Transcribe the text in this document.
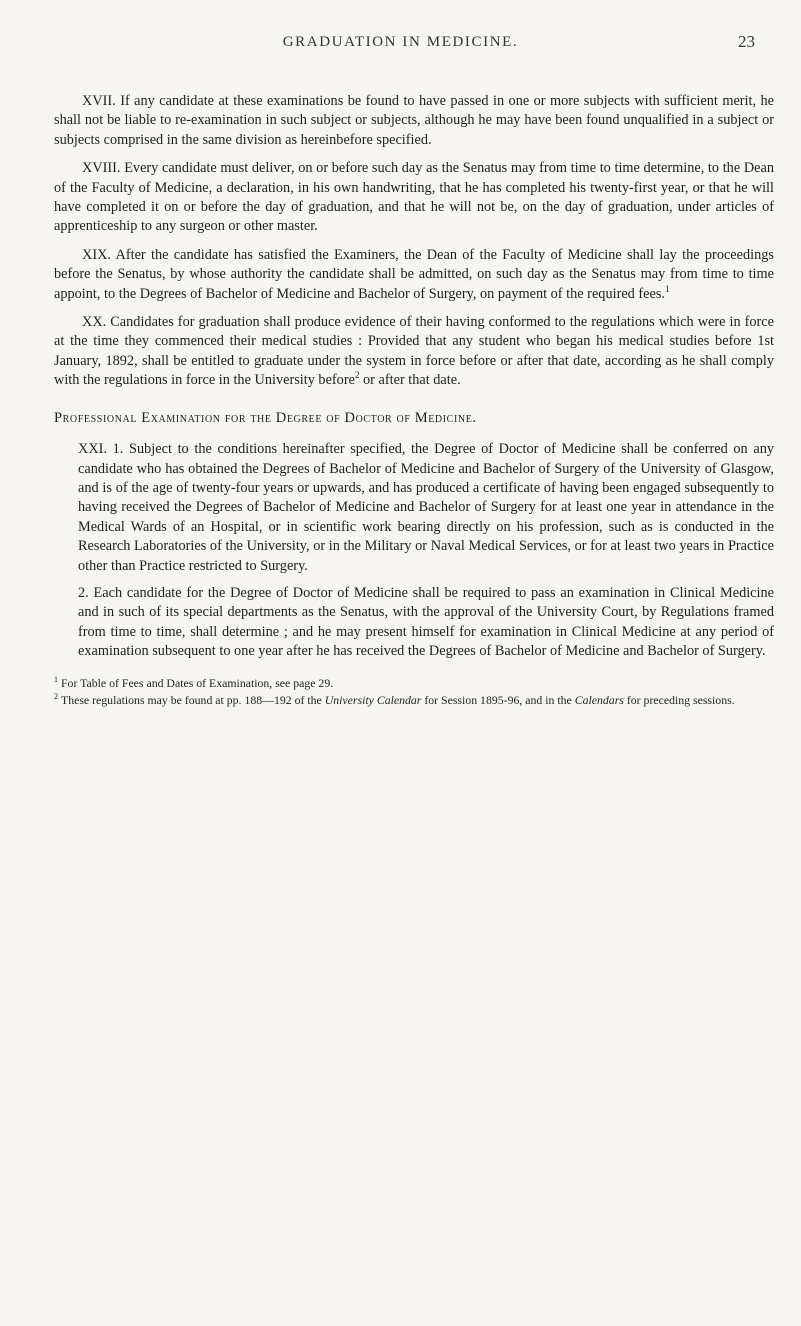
GRADUATION IN MEDICINE.	23

XVII. If any candidate at these examinations be found to have passed in one or more subjects with sufficient merit, he shall not be liable to re-examination in such subject or subjects, although he may have been found unqualified in a subject or subjects comprised in the same division as hereinbefore specified.

XVIII. Every candidate must deliver, on or before such day as the Senatus may from time to time determine, to the Dean of the Faculty of Medicine, a declaration, in his own handwriting, that he has completed his twenty-first year, or that he will have completed it on or before the day of graduation, and that he will not be, on the day of graduation, under articles of apprenticeship to any surgeon or other master.

XIX. After the candidate has satisfied the Examiners, the Dean of the Faculty of Medicine shall lay the proceedings before the Senatus, by whose authority the candidate shall be admitted, on such day as the Senatus may from time to time appoint, to the Degrees of Bachelor of Medicine and Bachelor of Surgery, on payment of the required fees.$^1$

XX. Candidates for graduation shall produce evidence of their having conformed to the regulations which were in force at the time they commenced their medical studies : Provided that any student who began his medical studies before 1st January, 1892, shall be entitled to graduate under the system in force before or after that date, according as he shall comply with the regulations in force in the University before$^2$ or after that date.

Professional Examination for the Degree of Doctor of Medicine.
XXI. 1. Subject to the conditions hereinafter specified, the Degree of Doctor of Medicine shall be conferred on any candidate who has obtained the Degrees of Bachelor of Medicine and Bachelor of Surgery of the University of Glasgow, and is of the age of twenty-four years or upwards, and has produced a certificate of having been engaged subsequently to having received the Degrees of Bachelor of Medicine and Bachelor of Surgery for at least one year in attendance in the Medical Wards of an Hospital, or in scientific work bearing directly on his profession, such as is conducted in the Research Laboratories of the University, or in the Military or Naval Medical Services, or for at least two years in Practice other than Practice restricted to Surgery.
2. Each candidate for the Degree of Doctor of Medicine shall be required to pass an examination in Clinical Medicine and in such of its special departments as the Senatus, with the approval of the University Court, by Regulations framed from time to time, shall determine ; and he may present himself for examination in Clinical Medicine at any period of examination subsequent to one year after he has received the Degrees of Bachelor of Medicine and Bachelor of Surgery.
$^1$ For Table of Fees and Dates of Examination, see page 29.
$^2$ These regulations may be found at pp. 188—192 of the University Calendar for Session 1895-96, and in the Calendars for preceding sessions.
